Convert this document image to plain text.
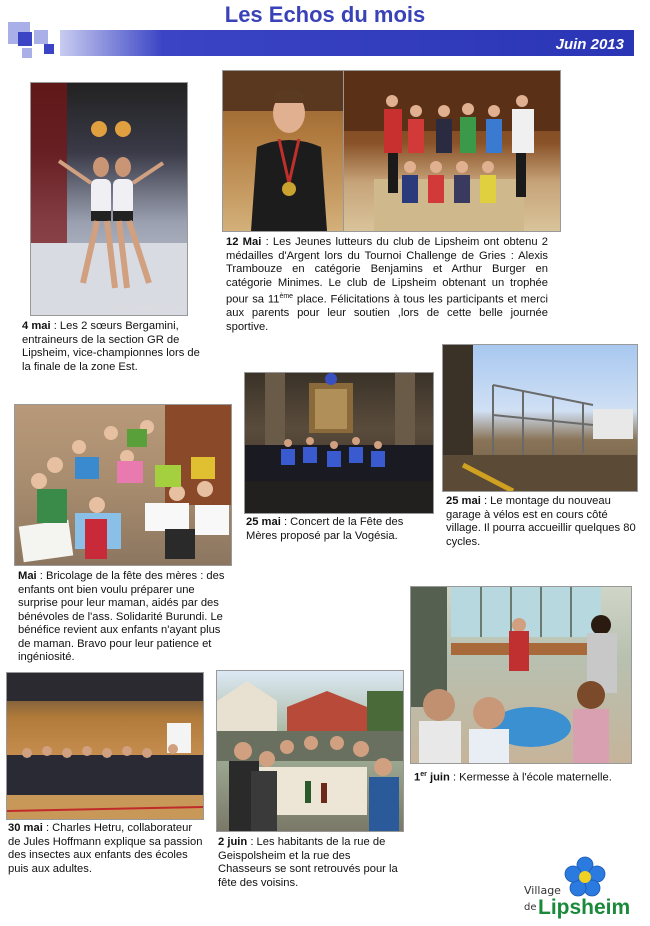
Les Echos du mois
Juin 2013
Cédric Fischer © CF68
4 mai : Les 2 sœurs Bergamini, entraineurs de la section GR de Lipsheim, vice-championnes lors de la finale de la zone Est.
12 Mai : Les Jeunes lutteurs du club de Lipsheim ont obtenu 2 médailles d'Argent lors du Tournoi Challenge de Gries : Alexis Trambouze en catégorie Benjamins et Arthur Burger en catégorie Minimes. Le club de Lipsheim obtenant un trophée pour sa 11ème place. Félicitations à tous les participants et merci aux parents pour leur soutien ,lors de cette belle journée sportive.
Mai : Bricolage de la fête des mères : des enfants ont bien voulu préparer une surprise pour leur maman, aidés par des bénévoles de l'ass. Solidarité Burundi. Le bénéfice revient aux enfants n'ayant plus de maman. Bravo pour leur patience et ingéniosité.
25 mai : Concert de la Fête des Mères proposé par la Vogésia.
25 mai : Le montage du nouveau garage à vélos est en cours côté village. Il pourra accueillir quelques 80 cycles.
1er juin : Kermesse à l'école maternelle.
30 mai : Charles Hetru, collaborateur de Jules Hoffmann explique sa passion des insectes aux enfants des écoles puis aux adultes.
2 juin : Les habitants de la rue de Geispolsheim et la rue des Chasseurs se sont retrouvés pour la fête des voisins.
Village
de Lipsheim
